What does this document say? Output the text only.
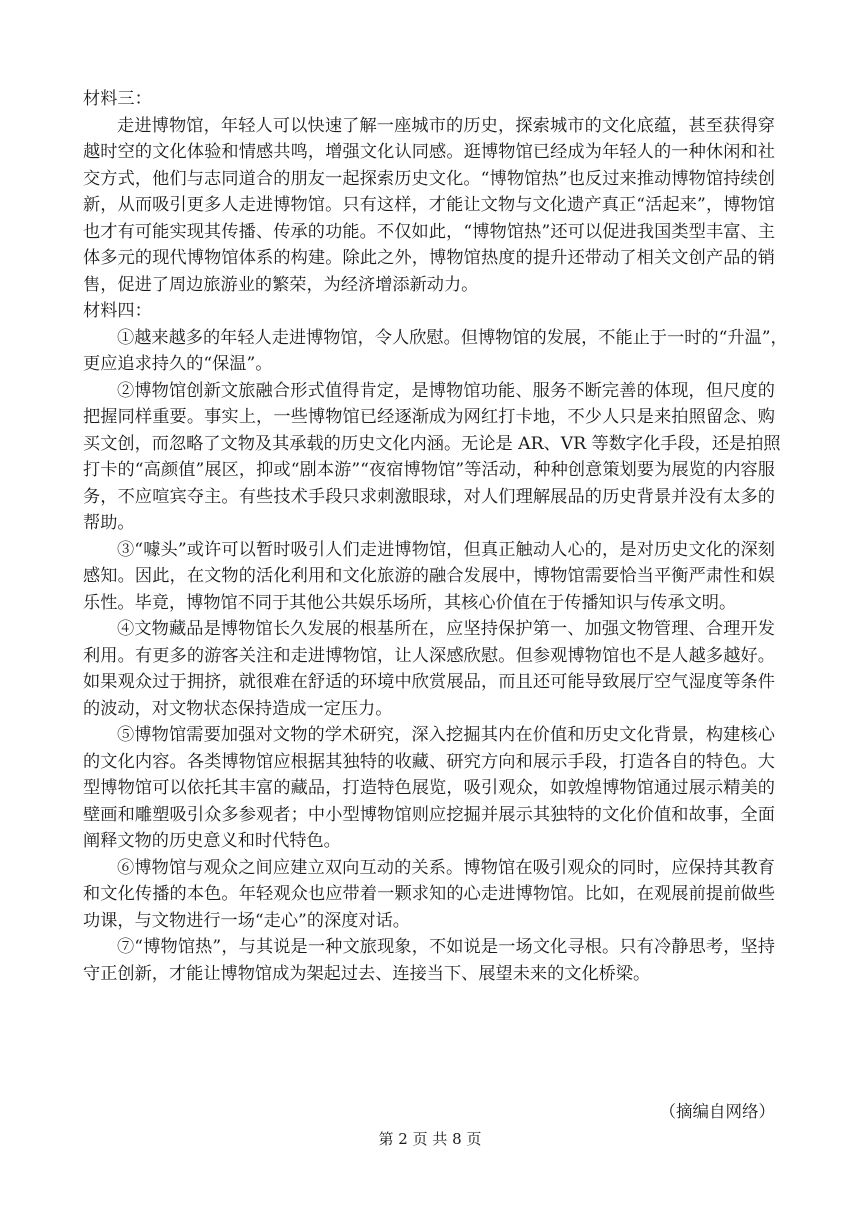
材料三：

走进博物馆，年轻人可以快速了解一座城市的历史，探索城市的文化底蕴，甚至获得穿

越时空的文化体验和情感共鸣，增强文化认同感。逛博物馆已经成为年轻人的一种休闲和社

交方式，他们与志同道合的朋友一起探索历史文化。“博物馆热”也反过来推动博物馆持续创

新，从而吸引更多人走进博物馆。只有这样，才能让文物与文化遗产真正“活起来”，博物馆

也才有可能实现其传播、传承的功能。不仅如此，“博物馆热”还可以促进我国类型丰富、主

体多元的现代博物馆体系的构建。除此之外，博物馆热度的提升还带动了相关文创产品的销

售，促进了周边旅游业的繁荣，为经济增添新动力。

材料四：

①越来越多的年轻人走进博物馆，令人欣慰。但博物馆的发展，不能止于一时的“升温”，

更应追求持久的“保温”。

②博物馆创新文旅融合形式值得肯定，是博物馆功能、服务不断完善的体现，但尺度的

把握同样重要。事实上，一些博物馆已经逐渐成为网红打卡地，不少人只是来拍照留念、购

买文创，而忽略了文物及其承载的历史文化内涵。无论是 AR、VR 等数字化手段，还是拍照

打卡的“高颜值”展区，抑或“剧本游”“夜宿博物馆”等活动，种种创意策划要为展览的内容服

务，不应喧宾夺主。有些技术手段只求刺激眼球，对人们理解展品的历史背景并没有太多的

帮助。

③“噱头”或许可以暂时吸引人们走进博物馆，但真正触动人心的，是对历史文化的深刻

感知。因此，在文物的活化利用和文化旅游的融合发展中，博物馆需要恰当平衡严肃性和娱

乐性。毕竟，博物馆不同于其他公共娱乐场所，其核心价值在于传播知识与传承文明。

④文物藏品是博物馆长久发展的根基所在，应坚持保护第一、加强文物管理、合理开发

利用。有更多的游客关注和走进博物馆，让人深感欣慰。但参观博物馆也不是人越多越好。

如果观众过于拥挤，就很难在舒适的环境中欣赏展品，而且还可能导致展厅空气湿度等条件

的波动，对文物状态保持造成一定压力。

⑤博物馆需要加强对文物的学术研究，深入挖掘其内在价值和历史文化背景，构建核心

的文化内容。各类博物馆应根据其独特的收藏、研究方向和展示手段，打造各自的特色。大

型博物馆可以依托其丰富的藏品，打造特色展览，吸引观众，如敦煌博物馆通过展示精美的

壁画和雕塑吸引众多参观者；中小型博物馆则应挖掘并展示其独特的文化价值和故事，全面

阐释文物的历史意义和时代特色。

⑥博物馆与观众之间应建立双向互动的关系。博物馆在吸引观众的同时，应保持其教育

和文化传播的本色。年轻观众也应带着一颗求知的心走进博物馆。比如，在观展前提前做些

功课，与文物进行一场“走心”的深度对话。

⑦“博物馆热”，与其说是一种文旅现象，不如说是一场文化寻根。只有冷静思考，坚持

守正创新，才能让博物馆成为架起过去、连接当下、展望未来的文化桥梁。

（摘编自网络）
第 2 页 共 8 页
